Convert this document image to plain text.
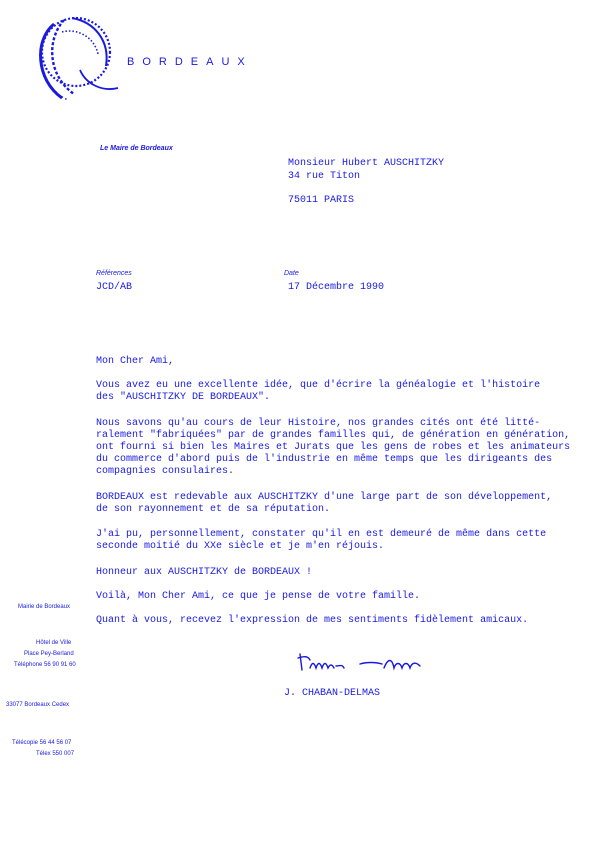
BORDEAUX
Le Maire de Bordeaux
Monsieur Hubert AUSCHITZKY
34 rue Titon
75011 PARIS
Références
JCD/AB
Date
17 Décembre 1990
Mon Cher Ami,
Vous avez eu une excellente idée, que d'écrire la généalogie et l'histoire
des "AUSCHITZKY DE BORDEAUX".
Nous savons qu'au cours de leur Histoire, nos grandes cités ont été litté-
ralement "fabriquées" par de grandes familles qui, de génération en génération,
ont fourni si bien les Maires et Jurats que les gens de robes et les animateurs
du commerce d'abord puis de l'industrie en même temps que les dirigeants des
compagnies consulaires.
BORDEAUX est redevable aux AUSCHITZKY d'une large part de son développement,
de son rayonnement et de sa réputation.
J'ai pu, personnellement, constater qu'il en est demeuré de même dans cette
seconde moitié du XXe siècle et je m'en réjouis.
Honneur aux AUSCHITZKY de BORDEAUX !
Voilà, Mon Cher Ami, ce que je pense de votre famille.
Quant à vous, recevez l'expression de mes sentiments fidèlement amicaux.
J. CHABAN-DELMAS
Mairie de Bordeaux
Hôtel de Ville
Place Pey-Berland
Téléphone 56 90 91 60
33077 Bordeaux Cedex
Télécopie 56 44 56 07
Télex 550 007
